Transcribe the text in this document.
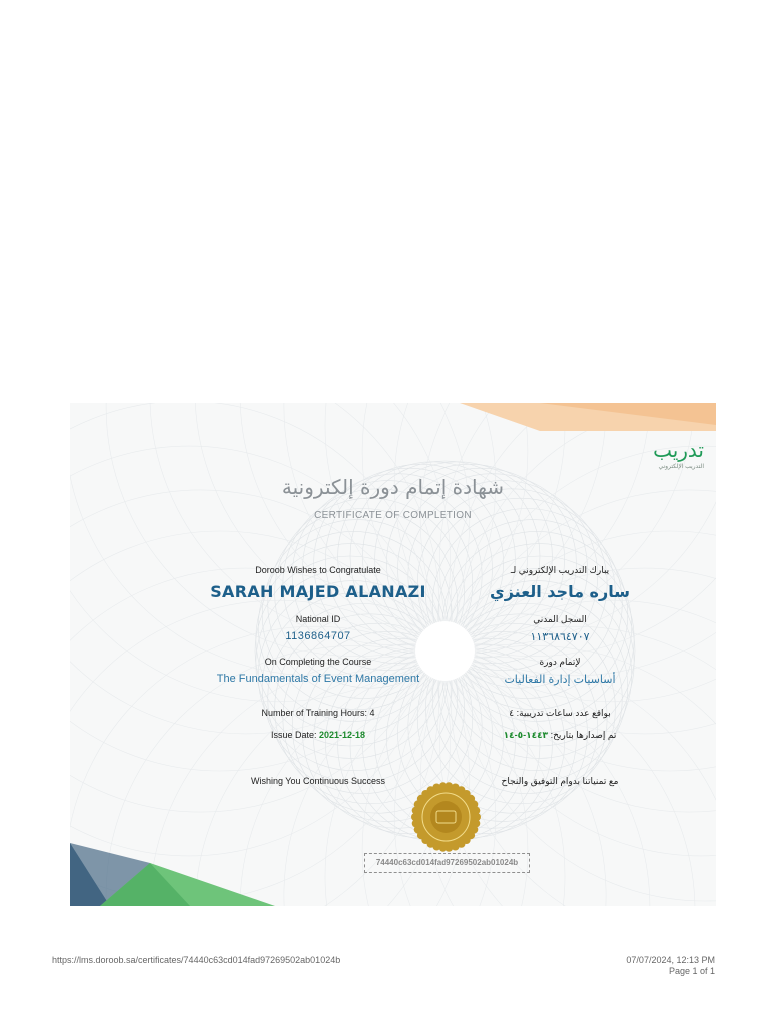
تدريب
التدريب الإلكتروني
شهادة إتمام دورة إلكترونية
CERTIFICATE OF COMPLETION
Doroob Wishes to Congratulate
SARAH MAJED ALANAZI
National ID
1136864707
On Completing the Course
The Fundamentals of Event Management
Number of Training Hours: 4
Issue Date: 2021-12-18
Wishing You Continuous Success
يبارك التدريب الإلكتروني لـ
ساره ماجد العنزي
السجل المدني
١١٣٦٨٦٤٧٠٧
لإتمام دورة
أساسيات إدارة الفعاليات
بواقع عدد ساعات تدريبية: ٤
تم إصدارها بتاريخ: ١٤٤٣-٥-١٤
مع تمنياتنا بدوام التوفيق والنجاح
74440c63cd014fad97269502ab01024b
https://lms.doroob.sa/certificates/74440c63cd014fad97269502ab01024b	07/07/2024, 12:13 PM
Page 1 of 1
